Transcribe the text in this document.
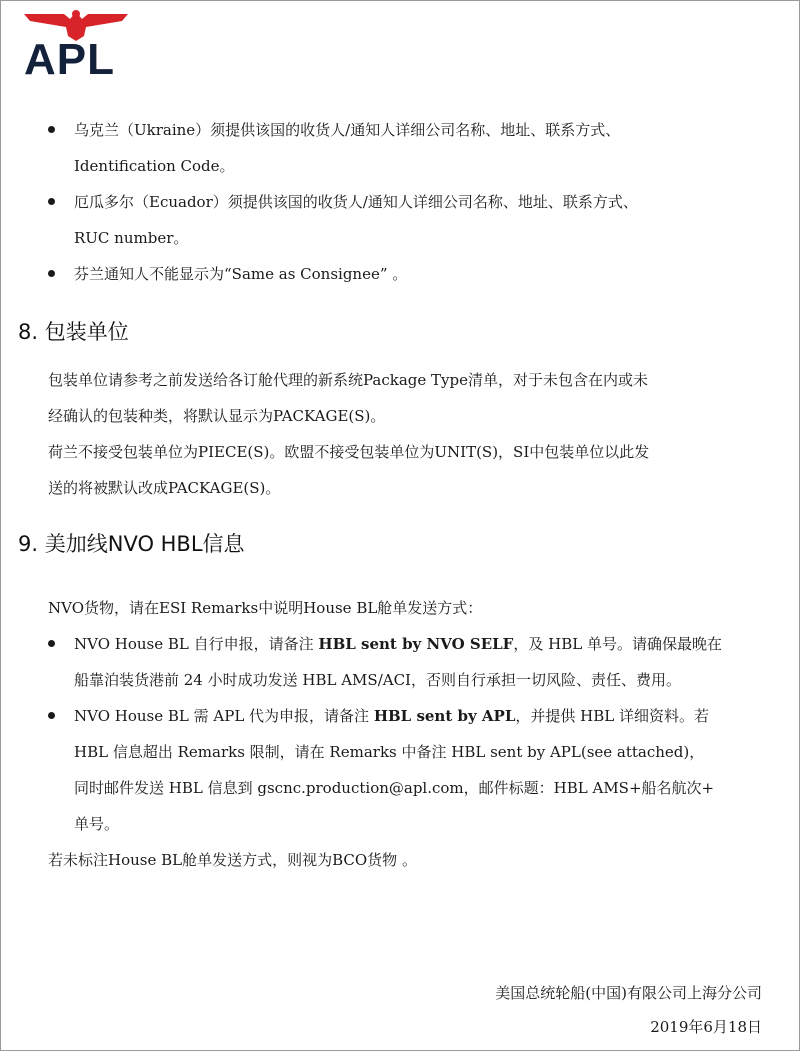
APL
乌克兰（Ukraine）须提供该国的收货人/通知人详细公司名称、地址、联系方式、
Identification Code。
厄瓜多尔（Ecuador）须提供该国的收货人/通知人详细公司名称、地址、联系方式、
RUC number。
芬兰通知人不能显示为“Same as Consignee” 。
8. 包装单位
包装单位请参考之前发送给各订舱代理的新系统Package Type清单，对于未包含在内或未
经确认的包装种类，将默认显示为PACKAGE(S)。
荷兰不接受包装单位为PIECE(S)。欧盟不接受包装单位为UNIT(S)，SI中包装单位以此发
送的将被默认改成PACKAGE(S)。
9. 美加线NVO HBL信息
NVO货物，请在ESI Remarks中说明House BL舱单发送方式：
NVO House BL 自行申报，请备注 HBL sent by NVO SELF，及 HBL 单号。请确保最晚在
船靠泊装货港前 24 小时成功发送 HBL AMS/ACI，否则自行承担一切风险、责任、费用。
NVO House BL 需 APL 代为申报，请备注 HBL sent by APL，并提供 HBL 详细资料。若
HBL 信息超出 Remarks 限制，请在 Remarks 中备注 HBL sent by APL(see attached)，
同时邮件发送 HBL 信息到 gscnc.production@apl.com，邮件标题：HBL AMS+船名航次+
单号。
若未标注House BL舱单发送方式，则视为BCO货物 。
美国总统轮船(中国)有限公司上海分公司
2019年6月18日
